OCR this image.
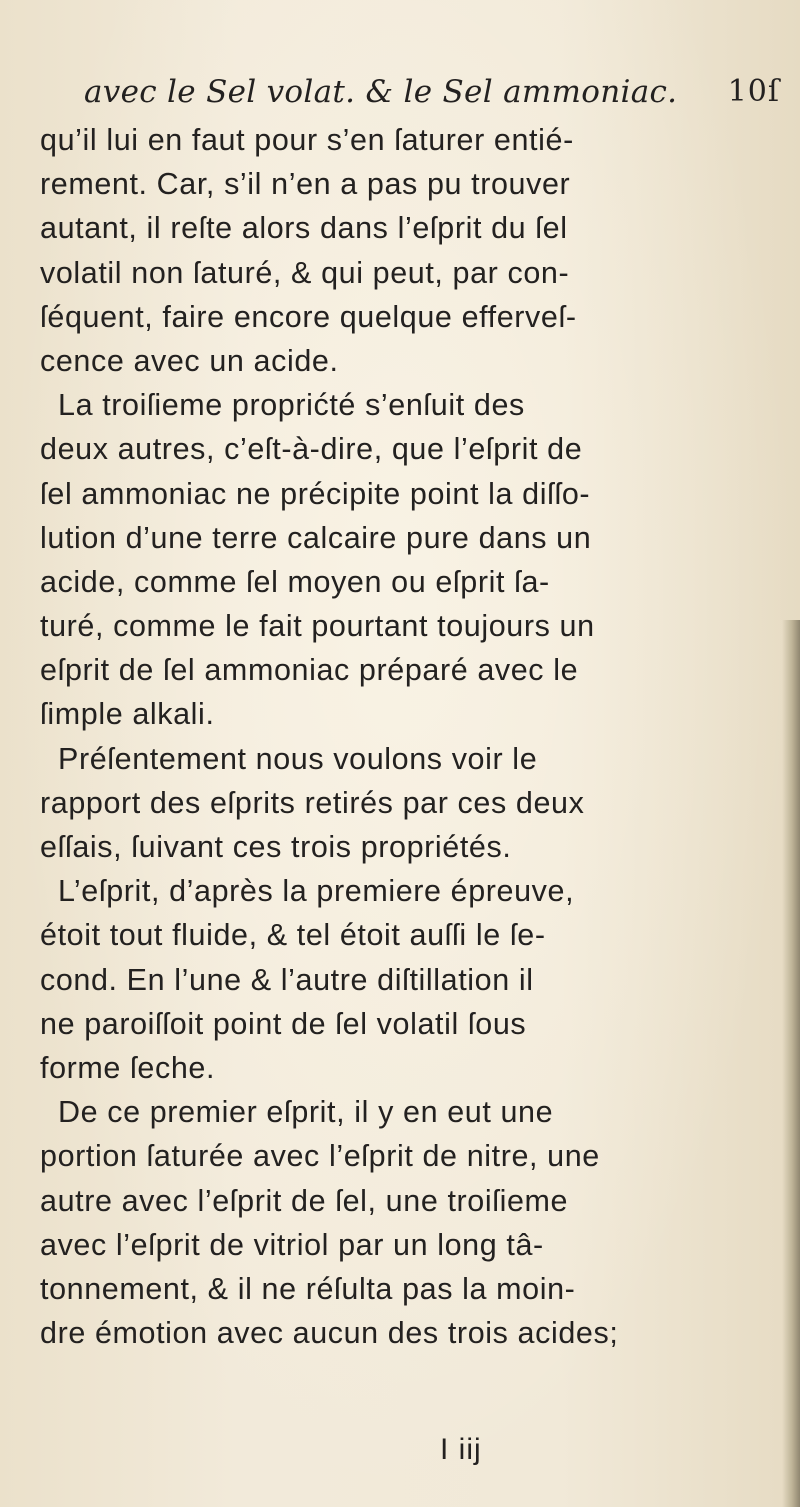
avec le Sel volat. & le Sel ammoniac.	10ſ
qu’il lui en faut pour s’en ſaturer entié-
rement. Car, s’il n’en a pas pu trouver
autant, il reſte alors dans l’eſprit du ſel
volatil non ſaturé, & qui peut, par con-
ſéquent, faire encore quelque efferveſ-
cence avec un acide.
La troiſieme proprićté s’enſuit des
deux autres, c’eſt-à-dire, que l’eſprit de
ſel ammoniac ne précipite point la diſſo-
lution d’une terre calcaire pure dans un
acide, comme ſel moyen ou eſprit ſa-
turé, comme le fait pourtant toujours un
eſprit de ſel ammoniac préparé avec le
ſimple alkali.
Préſentement nous voulons voir le
rapport des eſprits retirés par ces deux
eſſais, ſuivant ces trois propriétés.
L’eſprit, d’après la premiere épreuve,
étoit tout fluide, & tel étoit auſſi le ſe-
cond. En l’une & l’autre diſtillation il
ne paroiſſoit point de ſel volatil ſous
forme ſeche.
De ce premier eſprit, il y en eut une
portion ſaturée avec l’eſprit de nitre, une
autre avec l’eſprit de ſel, une troiſieme
avec l’eſprit de vitriol par un long tâ-
tonnement, & il ne réſulta pas la moin-
dre émotion avec aucun des trois acides;
I iij
